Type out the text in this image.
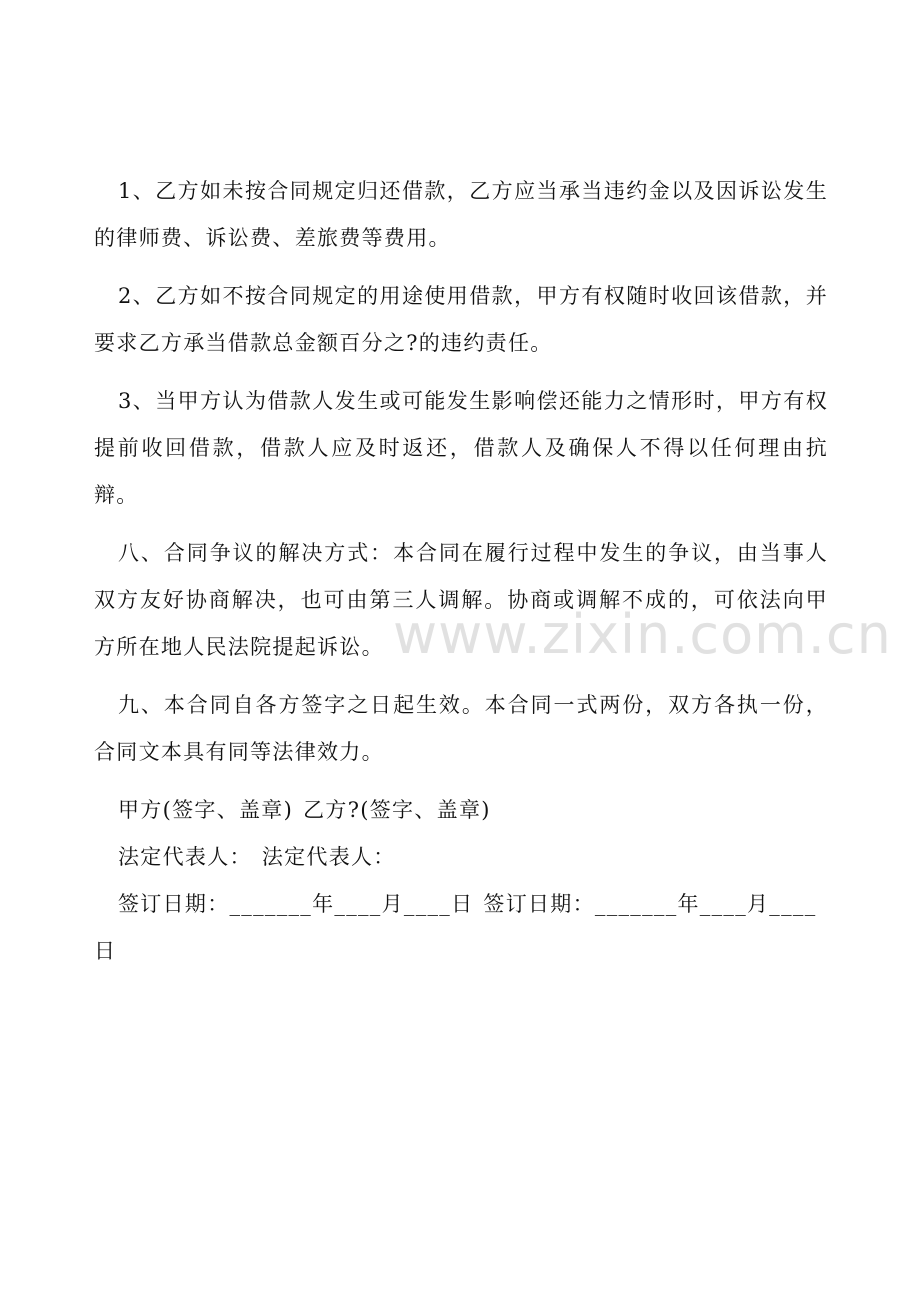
1、乙方如未按合同规定归还借款，乙方应当承当违约金以及因诉讼发生的律师费、诉讼费、差旅费等费用。

2、乙方如不按合同规定的用途使用借款，甲方有权随时收回该借款，并要求乙方承当借款总金额百分之?的违约责任。

3、当甲方认为借款人发生或可能发生影响偿还能力之情形时，甲方有权提前收回借款，借款人应及时返还，借款人及确保人不得以任何理由抗辩。

八、合同争议的解决方式：本合同在履行过程中发生的争议，由当事人双方友好协商解决，也可由第三人调解。协商或调解不成的，可依法向甲方所在地人民法院提起诉讼。

九、本合同自各方签字之日起生效。本合同一式两份，双方各执一份，合同文本具有同等法律效力。

甲方(签字、盖章) 乙方?(签字、盖章)

法定代表人： 法定代表人：

签订日期：_______年____月____日 签订日期：_______年____月____日

www.zixin.com.cn
